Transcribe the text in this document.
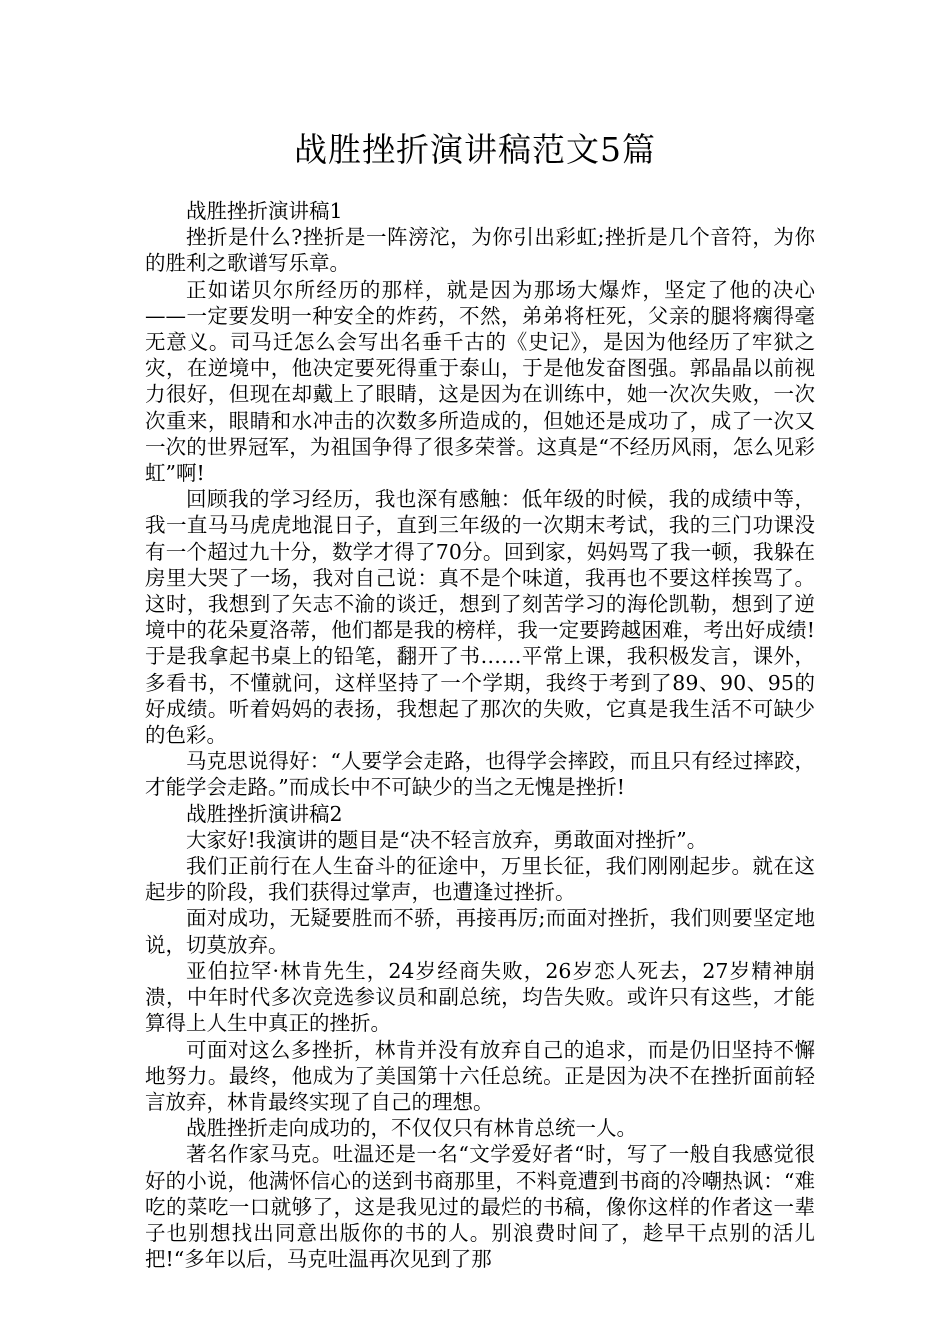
战胜挫折演讲稿范文5篇

战胜挫折演讲稿1

挫折是什么?挫折是一阵滂沱，为你引出彩虹;挫折是几个音符，为你的胜利之歌谱写乐章。

正如诺贝尔所经历的那样，就是因为那场大爆炸，坚定了他的决心——一定要发明一种安全的炸药，不然，弟弟将枉死，父亲的腿将瘸得毫无意义。司马迁怎么会写出名垂千古的《史记》，是因为他经历了牢狱之灾，在逆境中，他决定要死得重于泰山，于是他发奋图强。郭晶晶以前视力很好，但现在却戴上了眼睛，这是因为在训练中，她一次次失败，一次次重来，眼睛和水冲击的次数多所造成的，但她还是成功了，成了一次又一次的世界冠军，为祖国争得了很多荣誉。这真是“不经历风雨，怎么见彩虹”啊!

回顾我的学习经历，我也深有感触：低年级的时候，我的成绩中等，我一直马马虎虎地混日子，直到三年级的一次期末考试，我的三门功课没有一个超过九十分，数学才得了70分。回到家，妈妈骂了我一顿，我躲在房里大哭了一场，我对自己说：真不是个味道，我再也不要这样挨骂了。这时，我想到了矢志不渝的谈迁，想到了刻苦学习的海伦凯勒，想到了逆境中的花朵夏洛蒂，他们都是我的榜样，我一定要跨越困难，考出好成绩!于是我拿起书桌上的铅笔，翻开了书……平常上课，我积极发言，课外，多看书，不懂就问，这样坚持了一个学期，我终于考到了89、90、95的好成绩。听着妈妈的表扬，我想起了那次的失败，它真是我生活不可缺少的色彩。

马克思说得好：“人要学会走路，也得学会摔跤，而且只有经过摔跤，才能学会走路。”而成长中不可缺少的当之无愧是挫折!

战胜挫折演讲稿2

大家好!我演讲的题目是“决不轻言放弃，勇敢面对挫折”。

我们正前行在人生奋斗的征途中，万里长征，我们刚刚起步。就在这起步的阶段，我们获得过掌声，也遭逢过挫折。

面对成功，无疑要胜而不骄，再接再厉;而面对挫折，我们则要坚定地说，切莫放弃。

亚伯拉罕·林肯先生，24岁经商失败，26岁恋人死去，27岁精神崩溃，中年时代多次竞选参议员和副总统，均告失败。或许只有这些，才能算得上人生中真正的挫折。

可面对这么多挫折，林肯并没有放弃自己的追求，而是仍旧坚持不懈地努力。最终，他成为了美国第十六任总统。正是因为决不在挫折面前轻言放弃，林肯最终实现了自己的理想。

战胜挫折走向成功的，不仅仅只有林肯总统一人。

著名作家马克。吐温还是一名“文学爱好者“时，写了一般自我感觉很好的小说，他满怀信心的送到书商那里，不料竟遭到书商的冷嘲热讽：“难吃的菜吃一口就够了，这是我见过的最烂的书稿，像你这样的作者这一辈子也别想找出同意出版你的书的人。别浪费时间了，趁早干点别的活儿把!“多年以后，马克吐温再次见到了那
